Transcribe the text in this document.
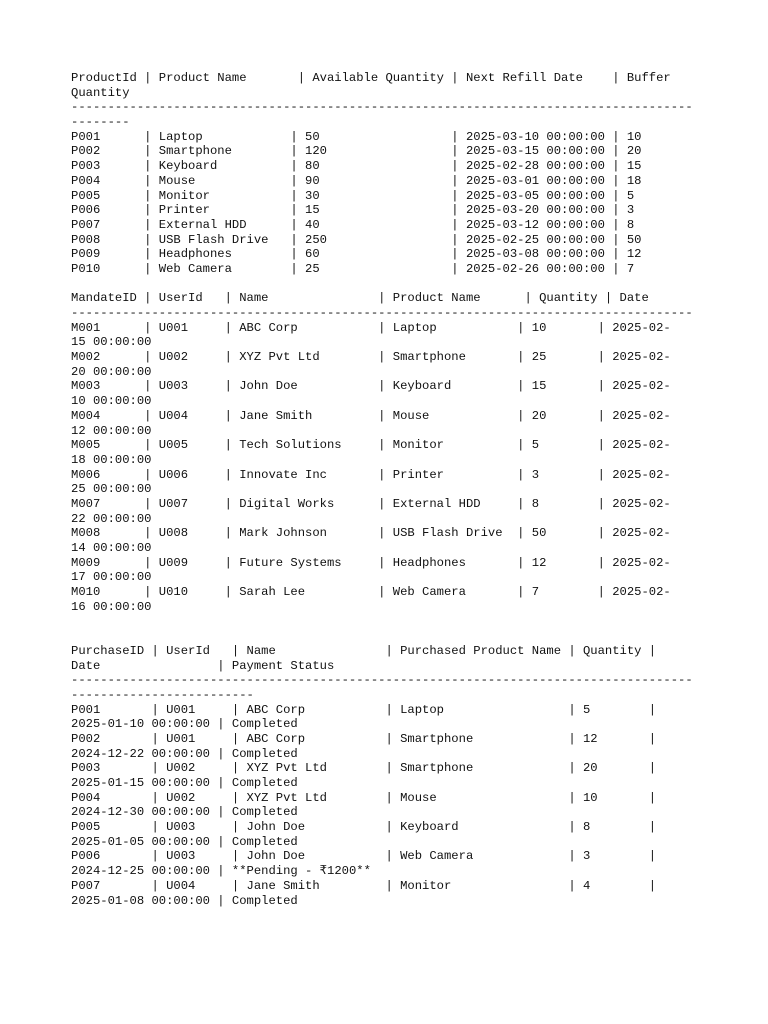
ProductId | Product Name       | Available Quantity | Next Refill Date    | Buffer
Quantity
-------------------------------------------------------------------------------------
--------
P001      | Laptop            | 50                  | 2025-03-10 00:00:00 | 10
P002      | Smartphone        | 120                 | 2025-03-15 00:00:00 | 20
P003      | Keyboard          | 80                  | 2025-02-28 00:00:00 | 15
P004      | Mouse             | 90                  | 2025-03-01 00:00:00 | 18
P005      | Monitor           | 30                  | 2025-03-05 00:00:00 | 5
P006      | Printer           | 15                  | 2025-03-20 00:00:00 | 3
P007      | External HDD      | 40                  | 2025-03-12 00:00:00 | 8
P008      | USB Flash Drive   | 250                 | 2025-02-25 00:00:00 | 50
P009      | Headphones        | 60                  | 2025-03-08 00:00:00 | 12
P010      | Web Camera        | 25                  | 2025-02-26 00:00:00 | 7
MandateID | UserId   | Name               | Product Name      | Quantity | Date
-------------------------------------------------------------------------------------
M001      | U001     | ABC Corp           | Laptop           | 10       | 2025-02-
15 00:00:00
M002      | U002     | XYZ Pvt Ltd        | Smartphone       | 25       | 2025-02-
20 00:00:00
M003      | U003     | John Doe           | Keyboard         | 15       | 2025-02-
10 00:00:00
M004      | U004     | Jane Smith         | Mouse            | 20       | 2025-02-
12 00:00:00
M005      | U005     | Tech Solutions     | Monitor          | 5        | 2025-02-
18 00:00:00
M006      | U006     | Innovate Inc       | Printer          | 3        | 2025-02-
25 00:00:00
M007      | U007     | Digital Works      | External HDD     | 8        | 2025-02-
22 00:00:00
M008      | U008     | Mark Johnson       | USB Flash Drive  | 50       | 2025-02-
14 00:00:00
M009      | U009     | Future Systems     | Headphones       | 12       | 2025-02-
17 00:00:00
M010      | U010     | Sarah Lee          | Web Camera       | 7        | 2025-02-
16 00:00:00
PurchaseID | UserId   | Name               | Purchased Product Name | Quantity |
Date                | Payment Status
-------------------------------------------------------------------------------------
-------------------------
P001       | U001     | ABC Corp           | Laptop                 | 5        |
2025-01-10 00:00:00 | Completed
P002       | U001     | ABC Corp           | Smartphone             | 12       |
2024-12-22 00:00:00 | Completed
P003       | U002     | XYZ Pvt Ltd        | Smartphone             | 20       |
2025-01-15 00:00:00 | Completed
P004       | U002     | XYZ Pvt Ltd        | Mouse                  | 10       |
2024-12-30 00:00:00 | Completed
P005       | U003     | John Doe           | Keyboard               | 8        |
2025-01-05 00:00:00 | Completed
P006       | U003     | John Doe           | Web Camera             | 3        |
2024-12-25 00:00:00 | **Pending - ₹1200**
P007       | U004     | Jane Smith         | Monitor                | 4        |
2025-01-08 00:00:00 | Completed
